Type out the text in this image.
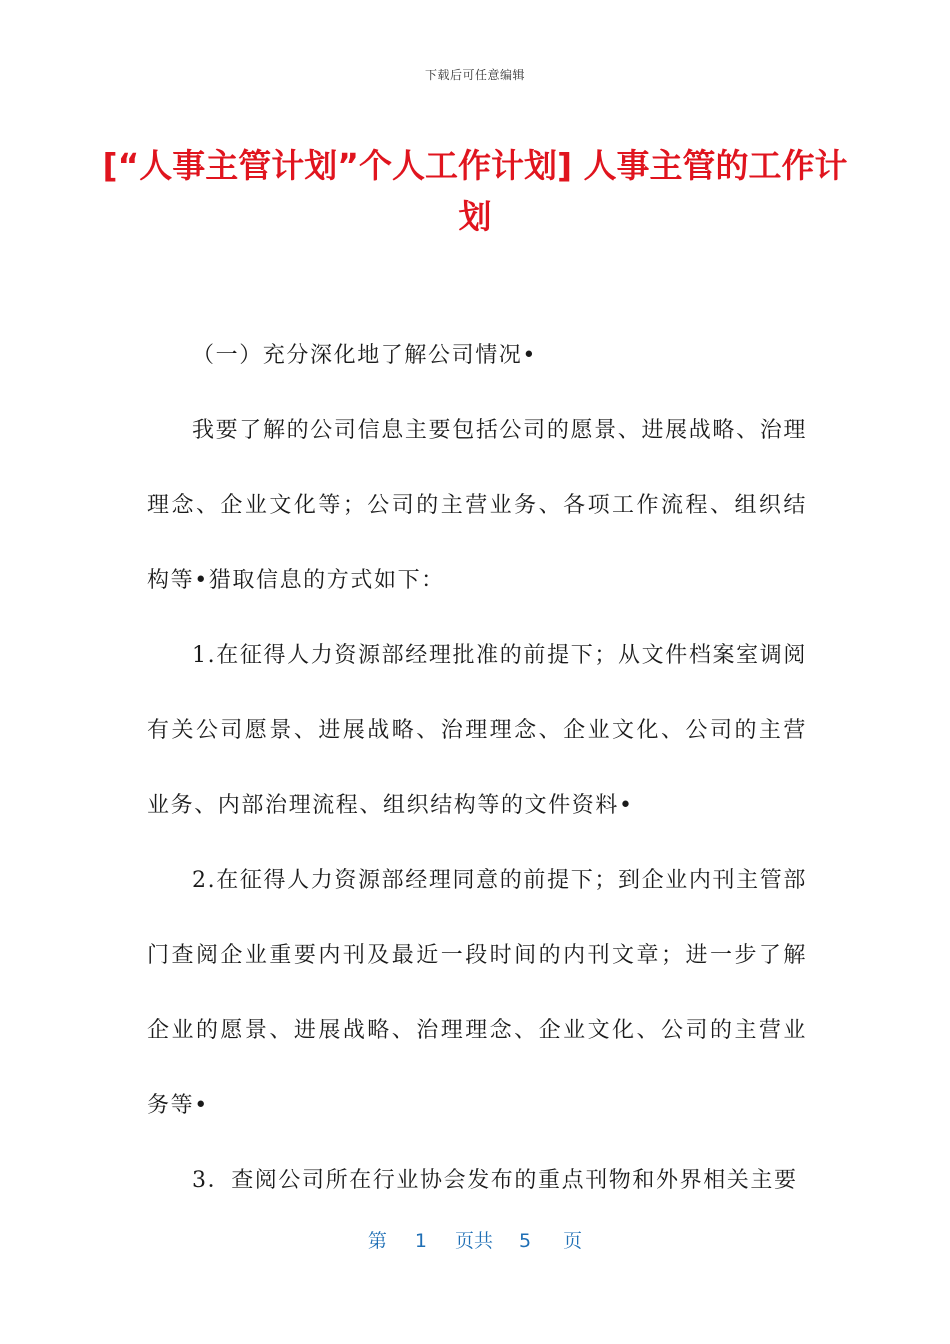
下载后可任意编辑
[“人事主管计划”个人工作计划] 人事主管的工作计划

（一）充分深化地了解公司情况•

我要了解的公司信息主要包括公司的愿景、进展战略、治理理念、企业文化等；公司的主营业务、各项工作流程、组织结构等•猎取信息的方式如下：

1.在征得人力资源部经理批准的前提下；从文件档案室调阅有关公司愿景、进展战略、治理理念、企业文化、公司的主营业务、内部治理流程、组织结构等的文件资料•

2.在征得人力资源部经理同意的前提下；到企业内刊主管部门查阅企业重要内刊及最近一段时间的内刊文章；进一步了解企业的愿景、进展战略、治理理念、企业文化、公司的主营业务等•

3．查阅公司所在行业协会发布的重点刊物和外界相关主要

第 1 页共 5 页
